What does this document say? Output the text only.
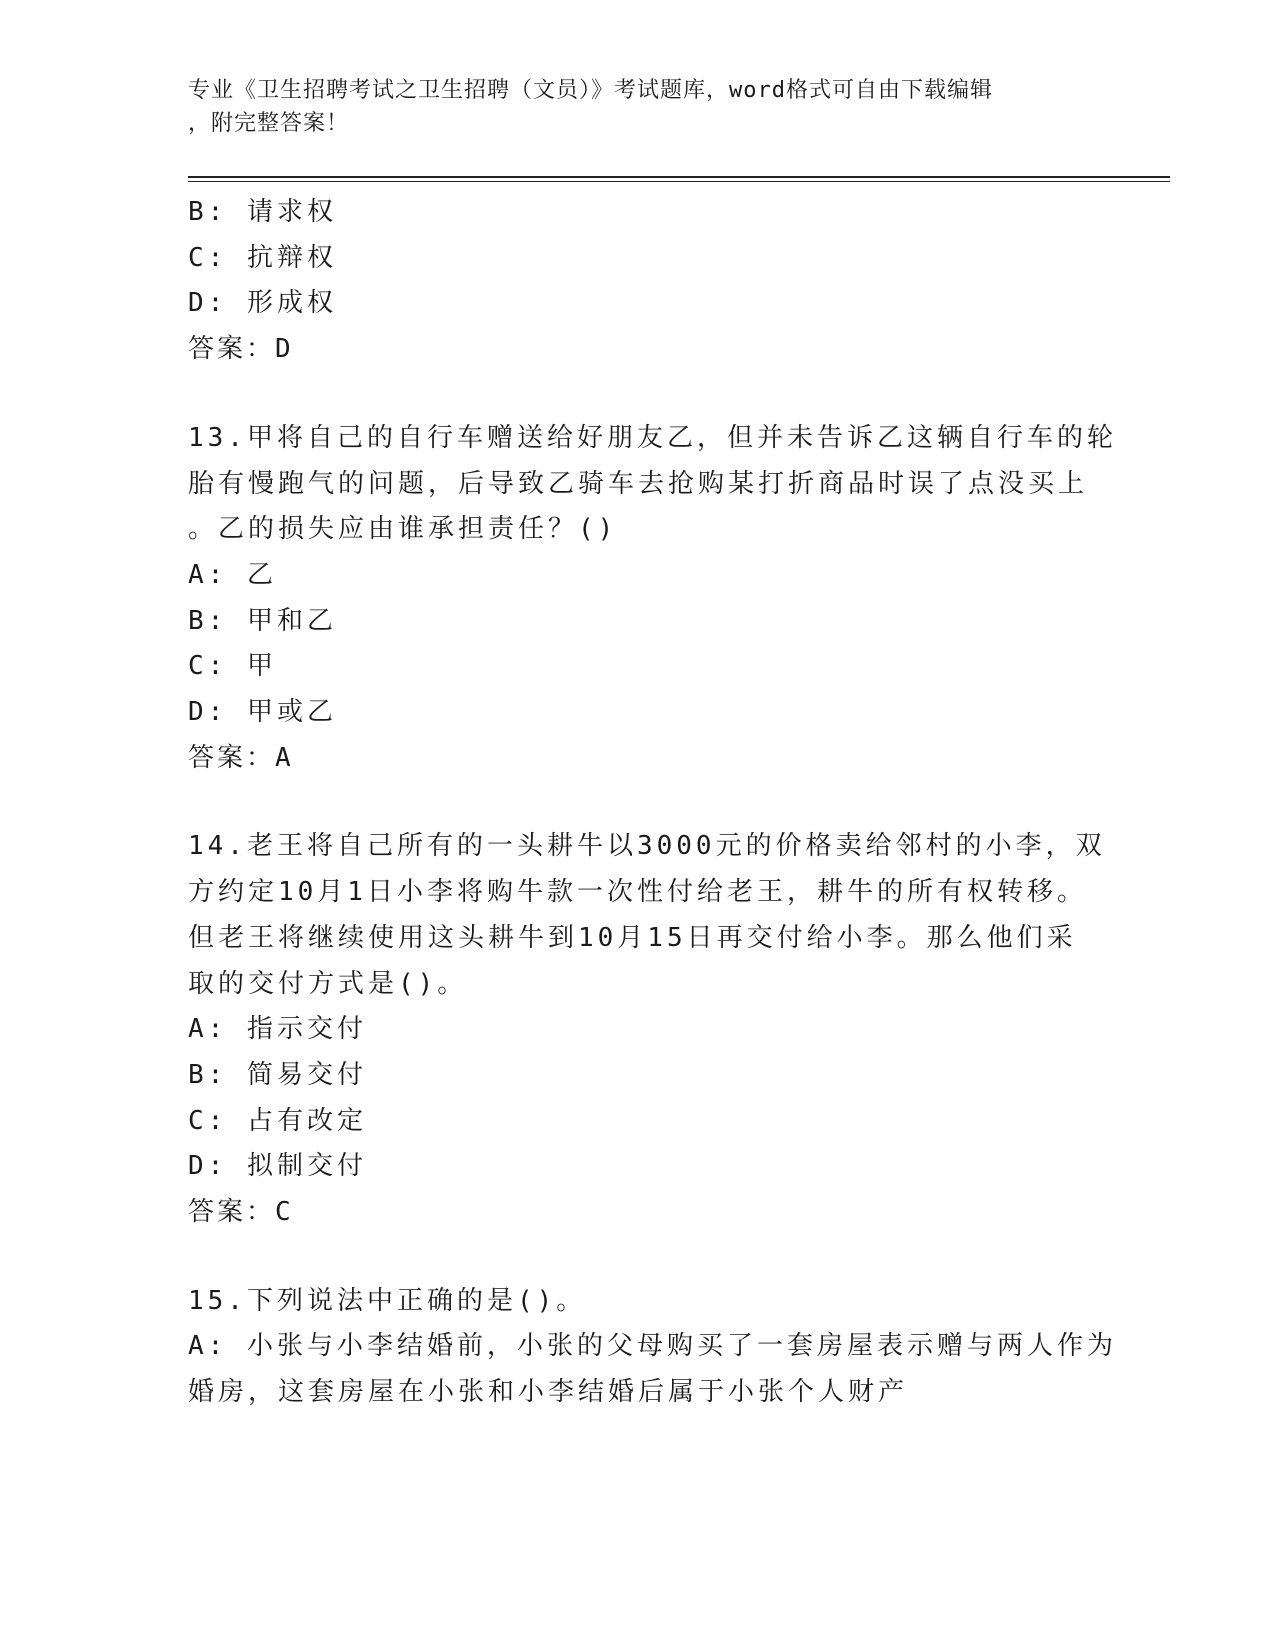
专业《卫生招聘考试之卫生招聘（文员）》考试题库，word格式可自由下载编辑
，附完整答案！
B: 请求权
C: 抗辩权
D: 形成权
答案：D
13.甲将自己的自行车赠送给好朋友乙，但并未告诉乙这辆自行车的轮
胎有慢跑气的问题，后导致乙骑车去抢购某打折商品时误了点没买上
。乙的损失应由谁承担责任？()
A: 乙
B: 甲和乙
C: 甲
D: 甲或乙
答案：A
14.老王将自己所有的一头耕牛以3000元的价格卖给邻村的小李，双
方约定10月1日小李将购牛款一次性付给老王，耕牛的所有权转移。
但老王将继续使用这头耕牛到10月15日再交付给小李。那么他们采
取的交付方式是()。
A: 指示交付
B: 简易交付
C: 占有改定
D: 拟制交付
答案：C
15.下列说法中正确的是()。
A: 小张与小李结婚前，小张的父母购买了一套房屋表示赠与两人作为
婚房，这套房屋在小张和小李结婚后属于小张个人财产
